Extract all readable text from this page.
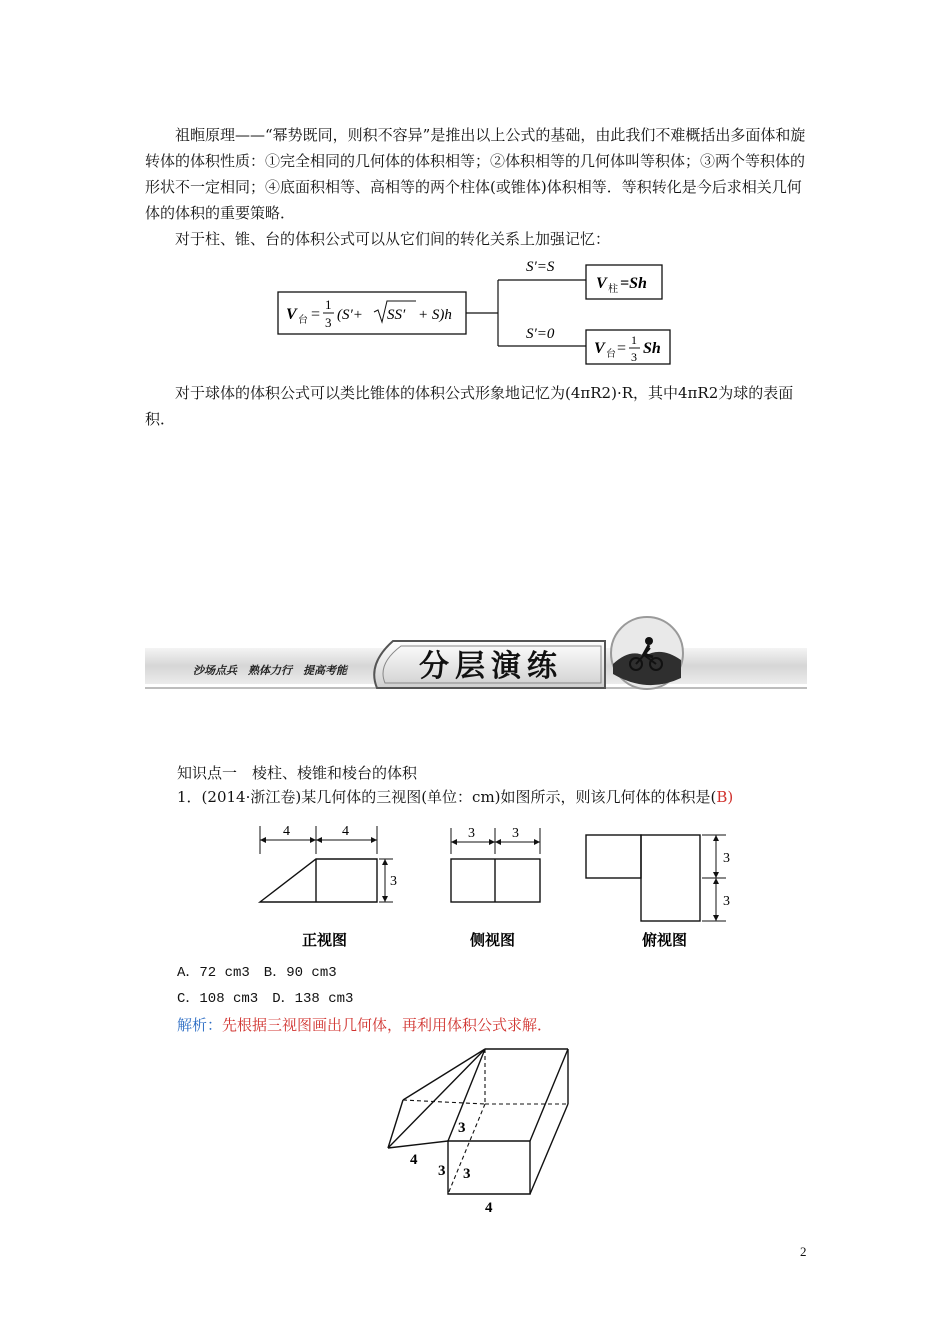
祖暅原理——“幂势既同，则积不容异”是推出以上公式的基础，由此我们不难概括出多面体和旋转体的体积性质：①完全相同的几何体的体积相等；②体积相等的几何体叫等积体；③两个等积体的形状不一定相同；④底面积相等、高相等的两个柱体(或锥体)体积相等．等积转化是今后求相关几何体的体积的重要策略．

对于柱、锥、台的体积公式可以从它们间的转化关系上加强记忆：

V 台 =
1
3 (S′+ SS′ + S)h
S′=S
S′=0
V 柱 =Sh
V 台 = 1
3 Sh

对于球体的体积公式可以类比锥体的体积公式形象地记忆为(4πR2)·R，其中4πR2为球的表面积．

沙场点兵　熟体力行　提高考能 分层演练

知识点一　棱柱、棱锥和棱台的体积

1．(2014·浙江卷)某几何体的三视图(单位：cm)如图所示，则该几何体的体积是(B)

4	4
3
正视图
3	3
侧视图
3
3
俯视图

A．72 cm3　B．90 cm3

C．108 cm3　D．138 cm3

解析：先根据三视图画出几何体，再利用体积公式求解．

3
4
3 3
4
2
